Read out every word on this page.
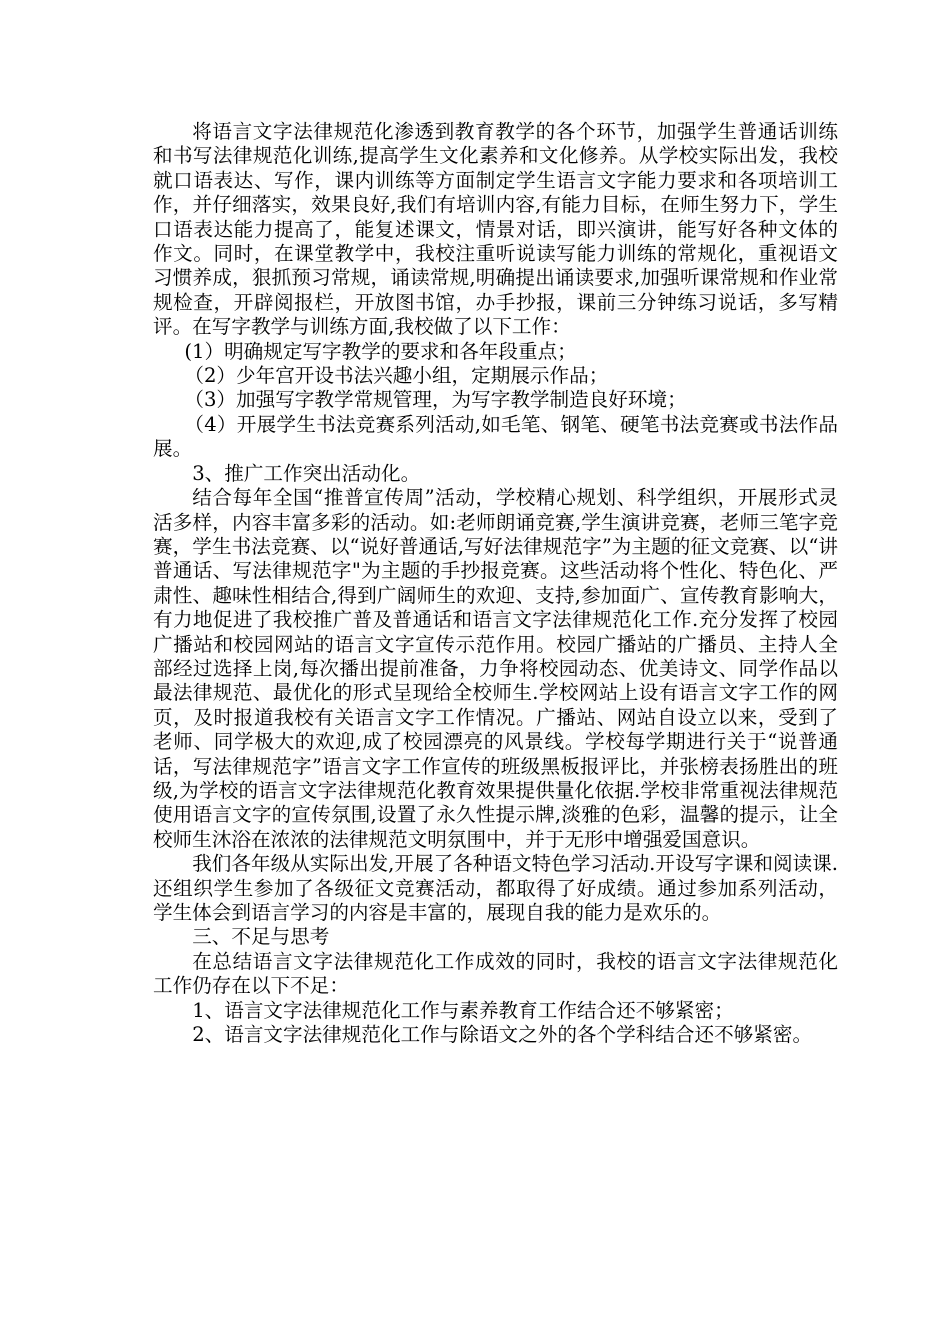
将语言文字法律规范化渗透到教育教学的各个环节，加强学生普通话训练和书写法律规范化训练,提高学生文化素养和文化修养。从学校实际出发，我校就口语表达、写作，课内训练等方面制定学生语言文字能力要求和各项培训工作，并仔细落实，效果良好,我们有培训内容,有能力目标，在师生努力下，学生口语表达能力提高了，能复述课文，情景对话，即兴演讲，能写好各种文体的作文。同时，在课堂教学中，我校注重听说读写能力训练的常规化，重视语文习惯养成，狠抓预习常规，诵读常规,明确提出诵读要求,加强听课常规和作业常规检查，开辟阅报栏，开放图书馆，办手抄报，课前三分钟练习说话，多写精评。在写字教学与训练方面,我校做了以下工作：

(1）明确规定写字教学的要求和各年段重点；

（2）少年宫开设书法兴趣小组，定期展示作品；

（3）加强写字教学常规管理，为写字教学制造良好环境；

（4）开展学生书法竞赛系列活动,如毛笔、钢笔、硬笔书法竞赛或书法作品展。

3、推广工作突出活动化。

结合每年全国“推普宣传周”活动，学校精心规划、科学组织，开展形式灵活多样，内容丰富多彩的活动。如:老师朗诵竞赛,学生演讲竞赛，老师三笔字竞赛，学生书法竞赛、以“说好普通话,写好法律规范字”为主题的征文竞赛、以“讲普通话、写法律规范字"为主题的手抄报竞赛。这些活动将个性化、特色化、严肃性、趣味性相结合,得到广阔师生的欢迎、支持,参加面广、宣传教育影响大，有力地促进了我校推广普及普通话和语言文字法律规范化工作.充分发挥了校园广播站和校园网站的语言文字宣传示范作用。校园广播站的广播员、主持人全部经过选择上岗,每次播出提前准备，力争将校园动态、优美诗文、同学作品以最法律规范、最优化的形式呈现给全校师生.学校网站上设有语言文字工作的网页，及时报道我校有关语言文字工作情况。广播站、网站自设立以来，受到了老师、同学极大的欢迎,成了校园漂亮的风景线。学校每学期进行关于“说普通话，写法律规范字”语言文字工作宣传的班级黑板报评比，并张榜表扬胜出的班级,为学校的语言文字法律规范化教育效果提供量化依据.学校非常重视法律规范使用语言文字的宣传氛围,设置了永久性提示牌,淡雅的色彩，温馨的提示，让全校师生沐浴在浓浓的法律规范文明氛围中，并于无形中增强爱国意识。

我们各年级从实际出发,开展了各种语文特色学习活动.开设写字课和阅读课.还组织学生参加了各级征文竞赛活动，都取得了好成绩。通过参加系列活动，学生体会到语言学习的内容是丰富的，展现自我的能力是欢乐的。

三、不足与思考

在总结语言文字法律规范化工作成效的同时，我校的语言文字法律规范化工作仍存在以下不足：

1、语言文字法律规范化工作与素养教育工作结合还不够紧密；

2、语言文字法律规范化工作与除语文之外的各个学科结合还不够紧密。
